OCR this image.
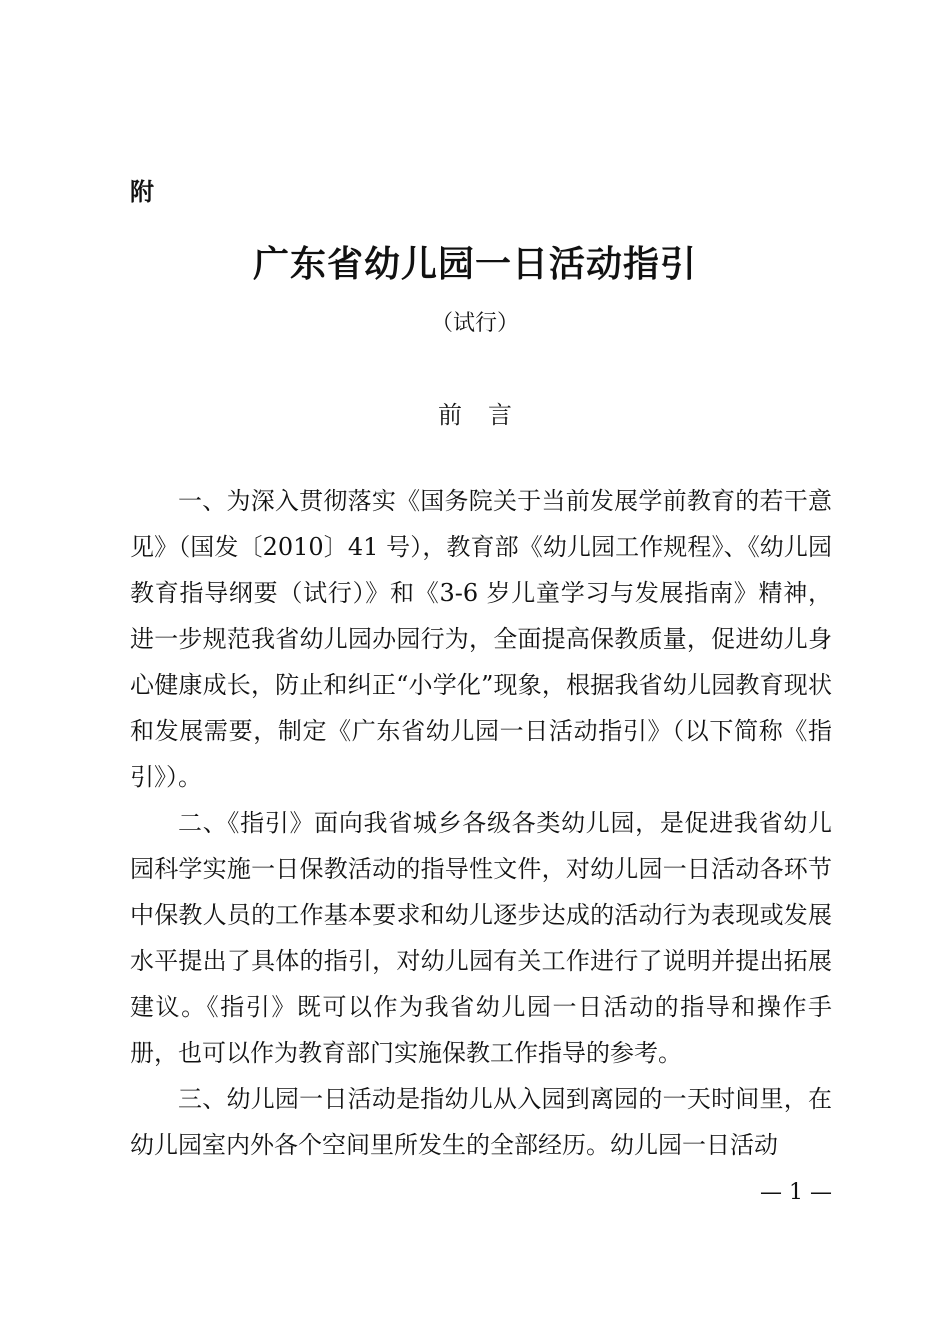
附
广东省幼儿园一日活动指引
（试行）
前言

一、为深入贯彻落实《国务院关于当前发展学前教育的若干意见》（国发〔2010〕41 号），教育部《幼儿园工作规程》、《幼儿园教育指导纲要（试行）》和《3-6 岁儿童学习与发展指南》精神，进一步规范我省幼儿园办园行为，全面提高保教质量，促进幼儿身心健康成长，防止和纠正“小学化”现象，根据我省幼儿园教育现状和发展需要，制定《广东省幼儿园一日活动指引》（以下简称《指引》）。

二、《指引》面向我省城乡各级各类幼儿园，是促进我省幼儿园科学实施一日保教活动的指导性文件，对幼儿园一日活动各环节中保教人员的工作基本要求和幼儿逐步达成的活动行为表现或发展水平提出了具体的指引，对幼儿园有关工作进行了说明并提出拓展建议。《指引》既可以作为我省幼儿园一日活动的指导和操作手册，也可以作为教育部门实施保教工作指导的参考。

三、幼儿园一日活动是指幼儿从入园到离园的一天时间里，在幼儿园室内外各个空间里所发生的全部经历。幼儿园一日活动

— 1 —
